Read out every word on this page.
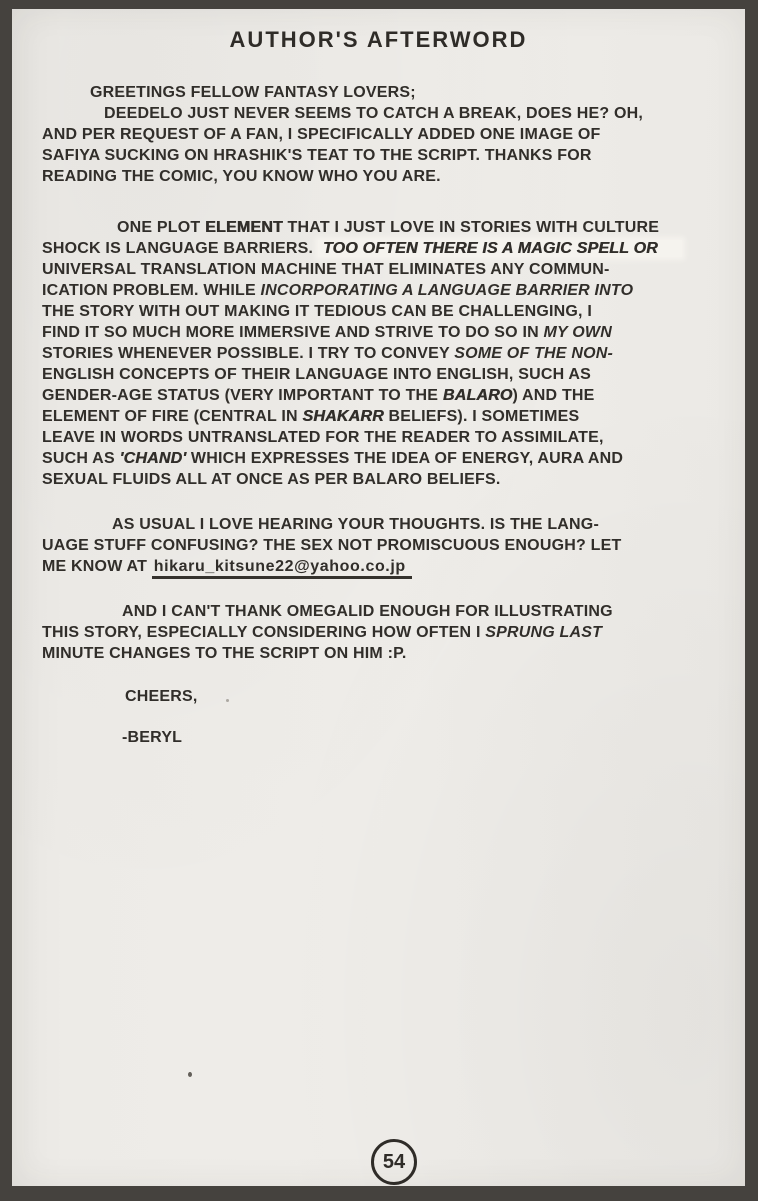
AUTHOR'S AFTERWORD
GREETINGS FELLOW FANTASY LOVERS;
DEEDELO JUST NEVER SEEMS TO CATCH A BREAK, DOES HE? OH,
AND PER REQUEST OF A FAN, I SPECIFICALLY ADDED ONE IMAGE OF
SAFIYA SUCKING ON HRASHIK'S TEAT TO THE SCRIPT. THANKS FOR
READING THE COMIC, YOU KNOW WHO YOU ARE.
ONE PLOT ELEMENT THAT I JUST LOVE IN STORIES WITH CULTURE
SHOCK IS LANGUAGE BARRIERS. TOO OFTEN THERE IS A MAGIC SPELL OR
UNIVERSAL TRANSLATION MACHINE THAT ELIMINATES ANY COMMUN-
ICATION PROBLEM. WHILE INCORPORATING A LANGUAGE BARRIER INTO
THE STORY WITH OUT MAKING IT TEDIOUS CAN BE CHALLENGING, I
FIND IT SO MUCH MORE IMMERSIVE AND STRIVE TO DO SO IN MY OWN
STORIES WHENEVER POSSIBLE. I TRY TO CONVEY SOME OF THE NON-
ENGLISH CONCEPTS OF THEIR LANGUAGE INTO ENGLISH, SUCH AS
GENDER-AGE STATUS (VERY IMPORTANT TO THE BALARO) AND THE
ELEMENT OF FIRE (CENTRAL IN SHAKARR BELIEFS). I SOMETIMES
LEAVE IN WORDS UNTRANSLATED FOR THE READER TO ASSIMILATE,
SUCH AS 'CHAND' WHICH EXPRESSES THE IDEA OF ENERGY, AURA AND
SEXUAL FLUIDS ALL AT ONCE AS PER BALARO BELIEFS.
AS USUAL I LOVE HEARING YOUR THOUGHTS. IS THE LANG-
UAGE STUFF CONFUSING? THE SEX NOT PROMISCUOUS ENOUGH? LET
ME KNOW AT hikaru_kitsune22@yahoo.co.jp
AND I CAN'T THANK OMEGALID ENOUGH FOR ILLUSTRATING
THIS STORY, ESPECIALLY CONSIDERING HOW OFTEN I SPRUNG LAST
MINUTE CHANGES TO THE SCRIPT ON HIM :P.
CHEERS,
-BERYL
54
